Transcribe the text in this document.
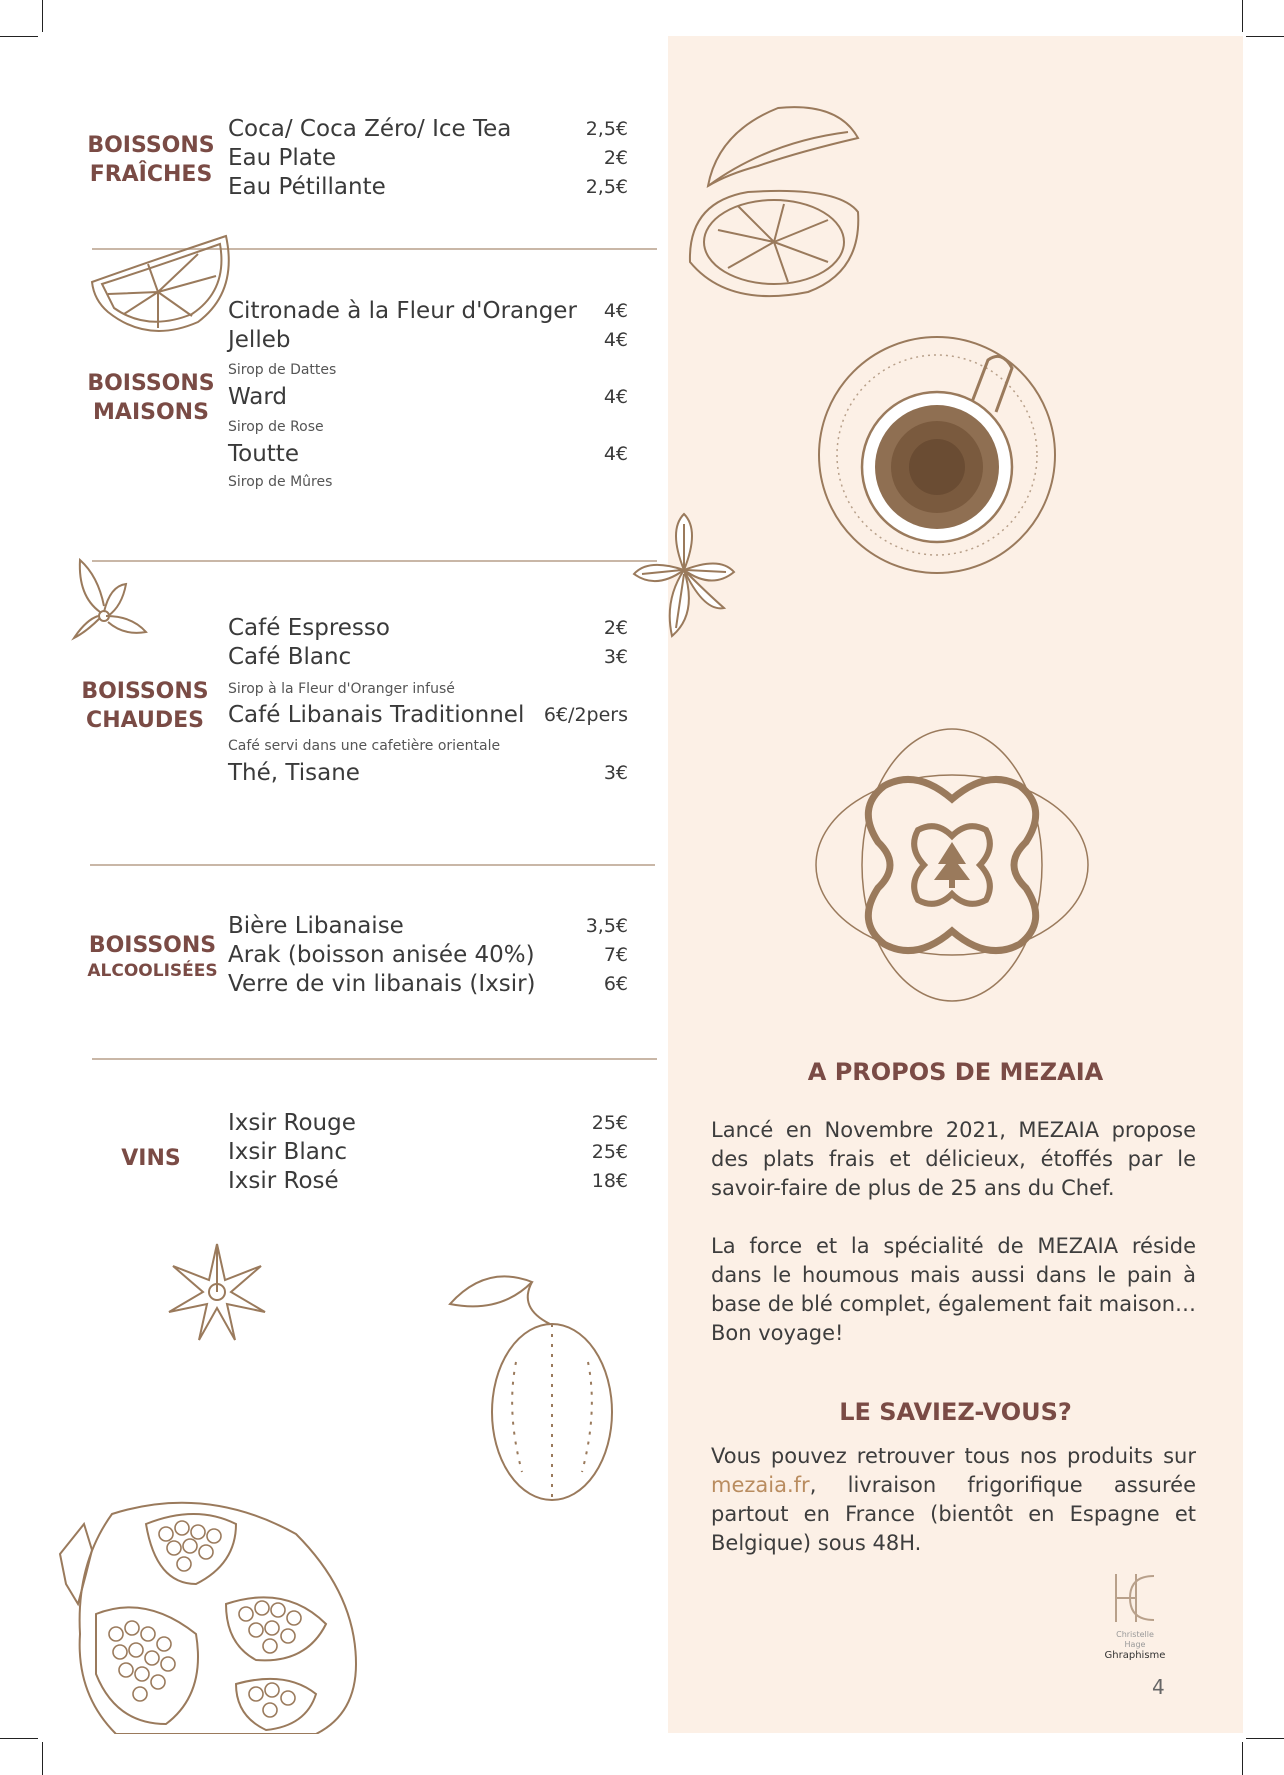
BOISSONS
FRAÎCHES
Coca/ Coca Zéro/ Ice Tea	2,5€
Eau Plate	2€
Eau Pétillante	2,5€
BOISSONS
MAISONS
Citronade à la Fleur d'Oranger 4€
Jelleb	4€
Sirop de Dattes
Ward	4€
Sirop de Rose
Toutte	4€
Sirop de Mûres
BOISSONS
CHAUDES
Café Espresso	2€
Café Blanc	3€
Sirop à la Fleur d'Oranger infusé
Café Libanais Traditionnel 6€/2pers
Café servi dans une cafetière orientale
Thé, Tisane	3€
BOISSONS
ALCOOLISÉES
Bière Libanaise	3,5€
Arak (boisson anisée 40%)	7€
Verre de vin libanais (Ixsir)	6€
VINS
Ixsir Rouge	25€
Ixsir Blanc	25€
Ixsir Rosé	18€
A PROPOS DE MEZAIA
Lancé en Novembre 2021, MEZAIA propose des plats frais et délicieux, étoffés par le savoir-faire de plus de 25 ans du Chef.
La force et la spécialité de MEZAIA réside dans le houmous mais aussi dans le pain à base de blé complet, également fait maison… Bon voyage!
LE SAVIEZ-VOUS?
Vous pouvez retrouver tous nos produits sur mezaia.fr, livraison frigorifique assurée partout en France (bientôt en Espagne et Belgique) sous 48H.
Christelle
Hage
Ghraphisme
4
